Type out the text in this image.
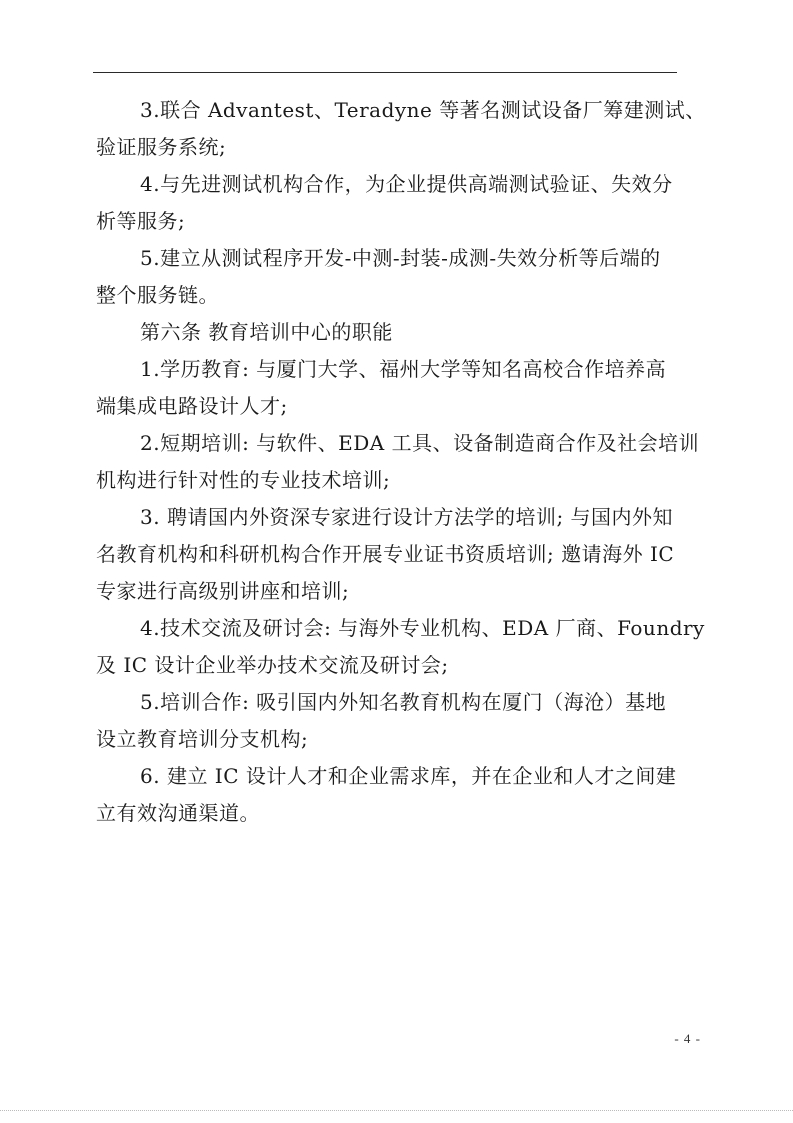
3.联合 Advantest、Teradyne 等著名测试设备厂筹建测试、
验证服务系统;
4.与先进测试机构合作，为企业提供高端测试验证、失效分
析等服务;
5.建立从测试程序开发-中测-封装-成测-失效分析等后端的
整个服务链。
第六条 教育培训中心的职能
1.学历教育: 与厦门大学、福州大学等知名高校合作培养高
端集成电路设计人才;
2.短期培训: 与软件、EDA 工具、设备制造商合作及社会培训
机构进行针对性的专业技术培训;
3. 聘请国内外资深专家进行设计方法学的培训; 与国内外知
名教育机构和科研机构合作开展专业证书资质培训; 邀请海外 IC
专家进行高级别讲座和培训;
4.技术交流及研讨会: 与海外专业机构、EDA 厂商、Foundry
及 IC 设计企业举办技术交流及研讨会;
5.培训合作: 吸引国内外知名教育机构在厦门（海沧）基地
设立教育培训分支机构;
6. 建立 IC 设计人才和企业需求库，并在企业和人才之间建
立有效沟通渠道。
- 4 -
